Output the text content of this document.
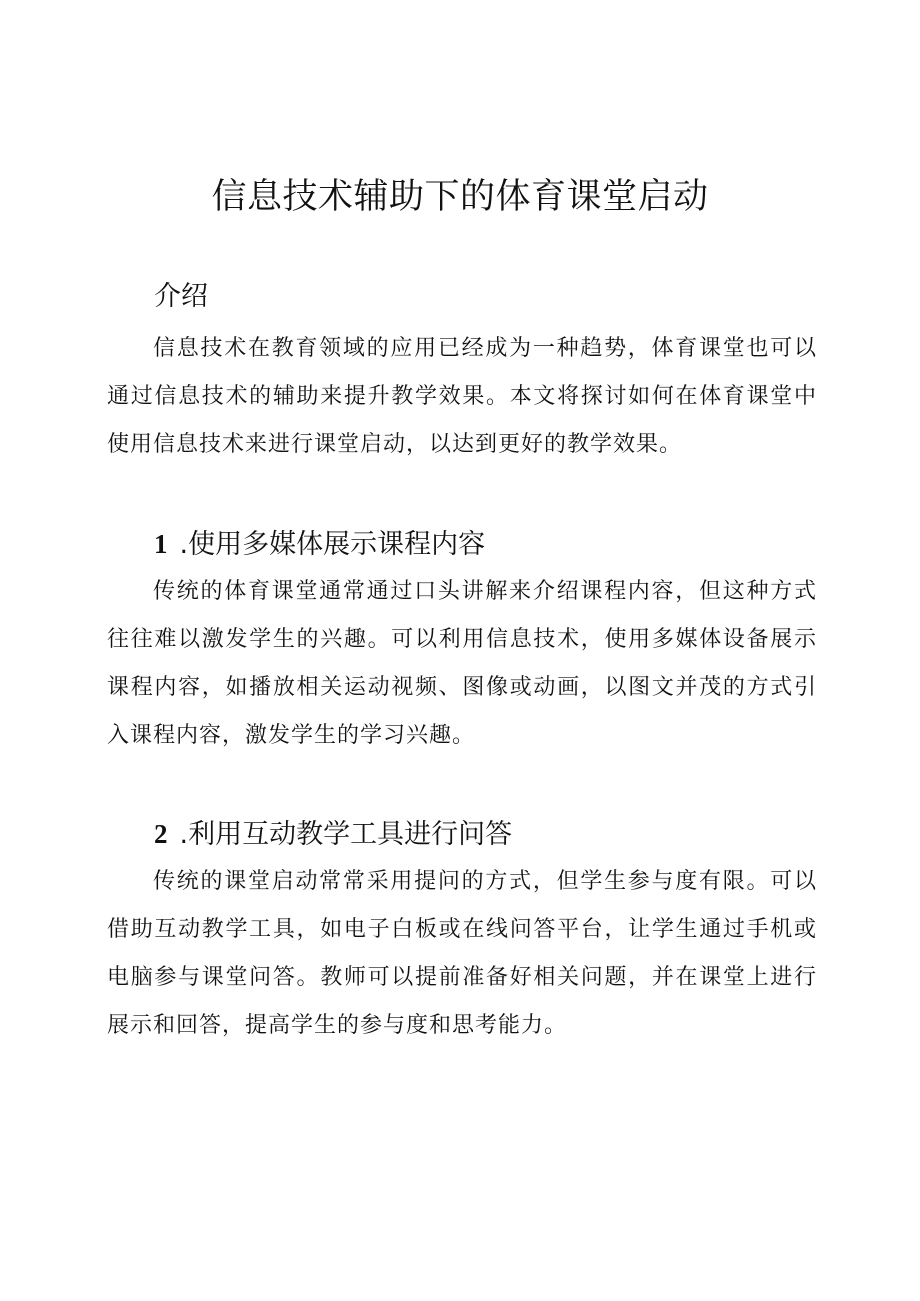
信息技术辅助下的体育课堂启动
介绍

信息技术在教育领域的应用已经成为一种趋势，体育课堂也可以通过信息技术的辅助来提升教学效果。本文将探讨如何在体育课堂中使用信息技术来进行课堂启动，以达到更好的教学效果。

1 .使用多媒体展示课程内容

传统的体育课堂通常通过口头讲解来介绍课程内容，但这种方式往往难以激发学生的兴趣。可以利用信息技术，使用多媒体设备展示课程内容，如播放相关运动视频、图像或动画，以图文并茂的方式引入课程内容，激发学生的学习兴趣。

2 .利用互动教学工具进行问答

传统的课堂启动常常采用提问的方式，但学生参与度有限。可以借助互动教学工具，如电子白板或在线问答平台，让学生通过手机或电脑参与课堂问答。教师可以提前准备好相关问题，并在课堂上进行展示和回答，提高学生的参与度和思考能力。
